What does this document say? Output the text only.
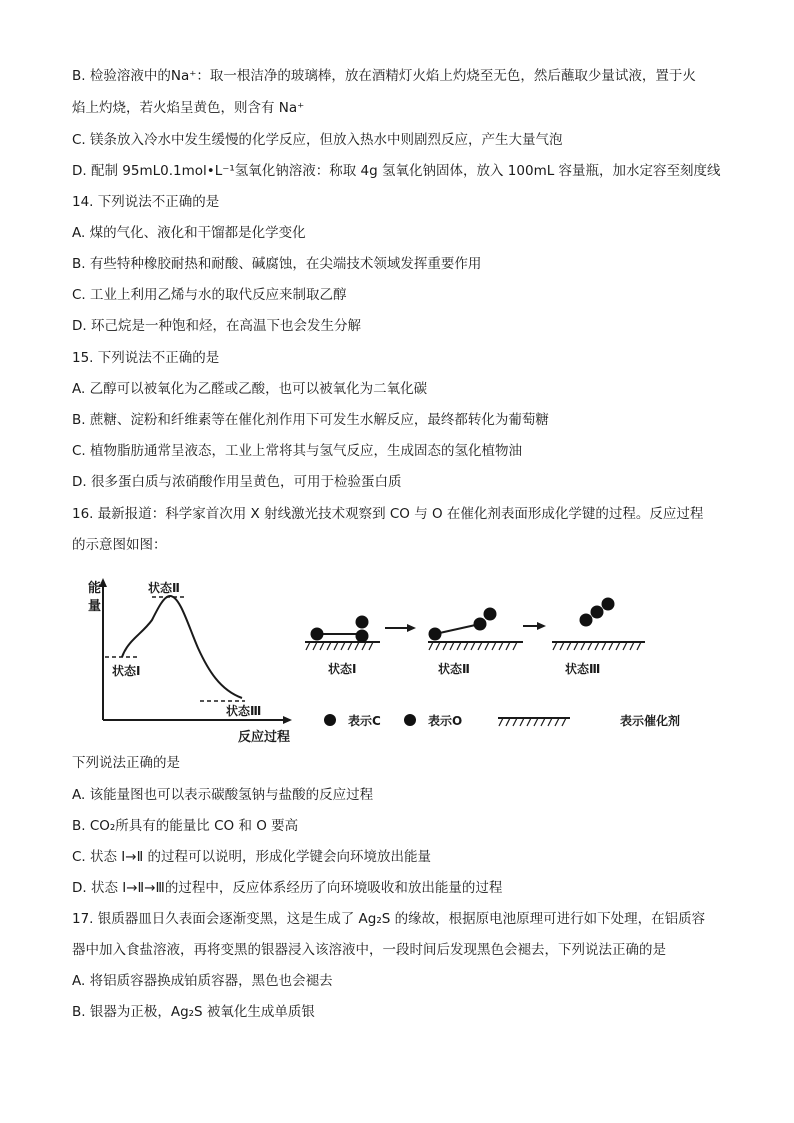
B. 检验溶液中的Na⁺：取一根洁净的玻璃棒，放在酒精灯火焰上灼烧至无色，然后蘸取少量试液，置于火
焰上灼烧，若火焰呈黄色，则含有 Na⁺
C. 镁条放入冷水中发生缓慢的化学反应，但放入热水中则剧烈反应，产生大量气泡
D. 配制 95mL0.1mol•L⁻¹氢氧化钠溶液：称取 4g 氢氧化钠固体，放入 100mL 容量瓶，加水定容至刻度线
14. 下列说法不正确的是
A. 煤的气化、液化和干馏都是化学变化
B. 有些特种橡胶耐热和耐酸、碱腐蚀，在尖端技术领域发挥重要作用
C. 工业上利用乙烯与水的取代反应来制取乙醇
D. 环己烷是一种饱和烃，在高温下也会发生分解
15. 下列说法不正确的是
A. 乙醇可以被氧化为乙醛或乙酸，也可以被氧化为二氧化碳
B. 蔗糖、淀粉和纤维素等在催化剂作用下可发生水解反应，最终都转化为葡萄糖
C. 植物脂肪通常呈液态，工业上常将其与氢气反应，生成固态的氢化植物油
D. 很多蛋白质与浓硝酸作用呈黄色，可用于检验蛋白质
16. 最新报道：科学家首次用 X 射线激光技术观察到 CO 与 O 在催化剂表面形成化学键的过程。反应过程
的示意图如图：
能
量
反应过程
状态Ⅰ
状态Ⅱ
状态Ⅲ
状态Ⅰ	状态Ⅱ	状态Ⅲ
表示C	表示O	表示催化剂
下列说法正确的是
A. 该能量图也可以表示碳酸氢钠与盐酸的反应过程
B. CO₂所具有的能量比 CO 和 O 要高
C. 状态 Ⅰ→Ⅱ 的过程可以说明，形成化学键会向环境放出能量
D. 状态 Ⅰ→Ⅱ→Ⅲ的过程中，反应体系经历了向环境吸收和放出能量的过程
17. 银质器皿日久表面会逐渐变黑，这是生成了 Ag₂S 的缘故，根据原电池原理可进行如下处理，在铝质容
器中加入食盐溶液，再将变黑的银器浸入该溶液中，一段时间后发现黑色会褪去，下列说法正确的是
A. 将铝质容器换成铂质容器，黑色也会褪去
B. 银器为正极，Ag₂S 被氧化生成单质银
